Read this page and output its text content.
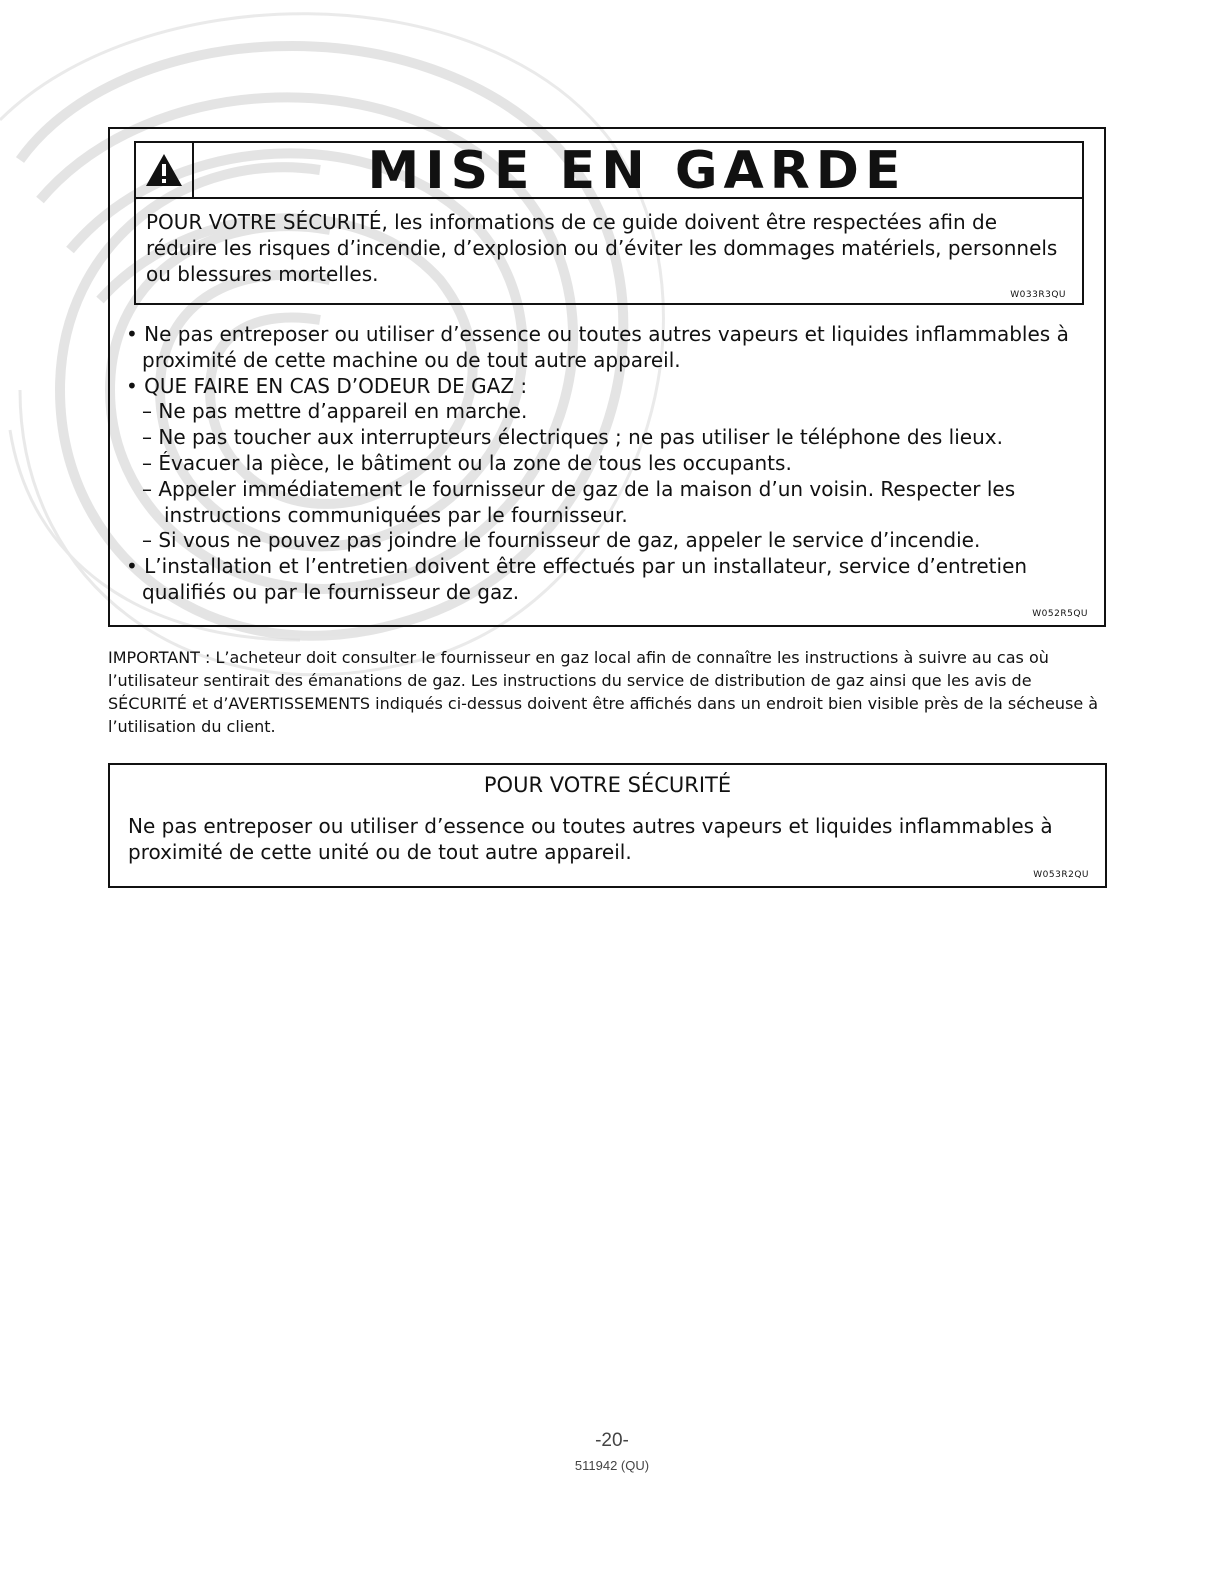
MISE EN GARDE
POUR VOTRE SÉCURITÉ, les informations de ce guide doivent être respectées afin de réduire les risques d’incendie, d’explosion ou d’éviter les dommages matériels, personnels ou blessures mortelles.
W033R3QU
• Ne pas entreposer ou utiliser d’essence ou toutes autres vapeurs et liquides inflammables à proximité de cette machine ou de tout autre appareil.
• QUE FAIRE EN CAS D’ODEUR DE GAZ :
– Ne pas mettre d’appareil en marche.
– Ne pas toucher aux interrupteurs électriques ; ne pas utiliser le téléphone des lieux.
– Évacuer la pièce, le bâtiment ou la zone de tous les occupants.
– Appeler immédiatement le fournisseur de gaz de la maison d’un voisin. Respecter les instructions communiquées par le fournisseur.
– Si vous ne pouvez pas joindre le fournisseur de gaz, appeler le service d’incendie.
• L’installation et l’entretien doivent être effectués par un installateur, service d’entretien qualifiés ou par le fournisseur de gaz.
W052R5QU
IMPORTANT : L’acheteur doit consulter le fournisseur en gaz local afin de connaître les instructions à suivre au cas où l’utilisateur sentirait des émanations de gaz. Les instructions du service de distribution de gaz ainsi que les avis de SÉCURITÉ et d’AVERTISSEMENTS indiqués ci-dessus doivent être affichés dans un endroit bien visible près de la sécheuse à l’utilisation du client.
POUR VOTRE SÉCURITÉ
Ne pas entreposer ou utiliser d’essence ou toutes autres vapeurs et liquides inflammables à proximité de cette unité ou de tout autre appareil.
W053R2QU
-20-
511942 (QU)
